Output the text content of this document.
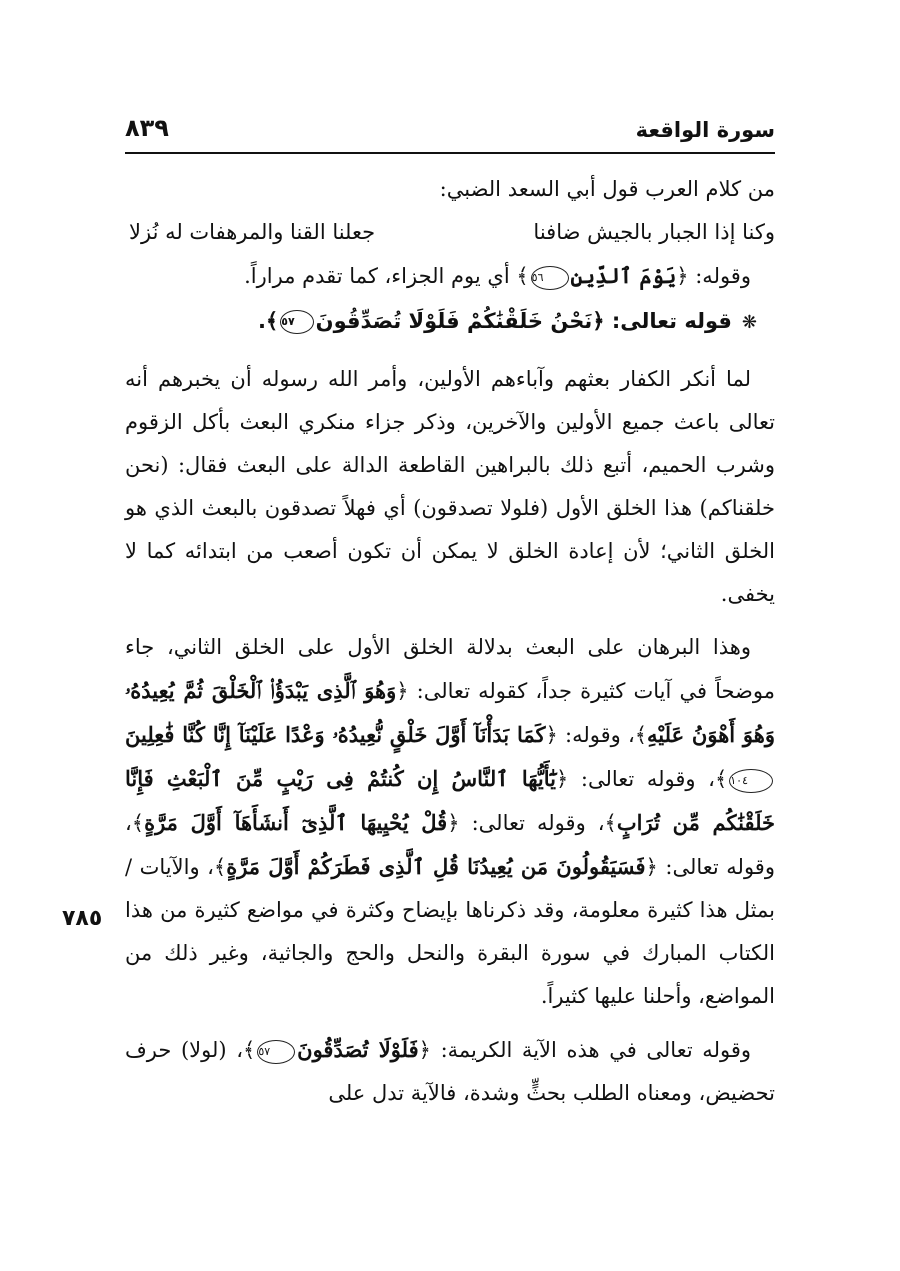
سورة الواقعة
٨٣٩
٧٨٥

من كلام العرب قول أبي السعد الضبي:

وكنا إذا الجبار بالجيش ضافنا
جعلنا القنا والمرهفات له نُزلا

وقوله: ﴿يَوْمَ ٱلدِّينِ٥٦﴾ أي يوم الجزاء، كما تقدم مراراً.

❋قوله تعالى: ﴿نَحْنُ خَلَقْنَٰكُمْ فَلَوْلَا تُصَدِّقُونَ٥٧﴾.

لما أنكر الكفار بعثهم وآباءهم الأولين، وأمر الله رسوله أن يخبرهم أنه تعالى باعث جميع الأولين والآخرين، وذكر جزاء منكري البعث بأكل الزقوم وشرب الحميم، أتبع ذلك بالبراهين القاطعة الدالة على البعث فقال: (نحن خلقناكم) هذا الخلق الأول (فلولا تصدقون) أي فهلاً تصدقون بالبعث الذي هو الخلق الثاني؛ لأن إعادة الخلق لا يمكن أن تكون أصعب من ابتدائه كما لا يخفى.

وهذا البرهان على البعث بدلالة الخلق الأول على الخلق الثاني، جاء موضحاً في آيات كثيرة جداً، كقوله تعالى: ﴿وَهُوَ ٱلَّذِى يَبْدَؤُا۟ ٱلْخَلْقَ ثُمَّ يُعِيدُهُۥ وَهُوَ أَهْوَنُ عَلَيْهِ﴾، وقوله: ﴿كَمَا بَدَأْنَآ أَوَّلَ خَلْقٍ نُّعِيدُهُۥ وَعْدًا عَلَيْنَآ إِنَّا كُنَّا فَٰعِلِينَ١٠٤﴾، وقوله تعالى: ﴿يَٰٓأَيُّهَا ٱلنَّاسُ إِن كُنتُمْ فِى رَيْبٍ مِّنَ ٱلْبَعْثِ فَإِنَّا خَلَقْنَٰكُم مِّن تُرَابٍ﴾، وقوله تعالى: ﴿قُلْ يُحْيِيهَا ٱلَّذِىٓ أَنشَأَهَآ أَوَّلَ مَرَّةٍ﴾، وقوله تعالى: ﴿فَسَيَقُولُونَ مَن يُعِيدُنَا قُلِ ٱلَّذِى فَطَرَكُمْ أَوَّلَ مَرَّةٍ﴾، والآيات /بمثل هذا كثيرة معلومة، وقد ذكرناها بإيضاح وكثرة في مواضع كثيرة من هذا الكتاب المبارك في سورة البقرة والنحل والحج والجاثية، وغير ذلك من المواضع، وأحلنا عليها كثيراً.

وقوله تعالى في هذه الآية الكريمة: ﴿فَلَوْلَا تُصَدِّقُونَ٥٧﴾، (لولا) حرف تحضيض، ومعناه الطلب بحثٍّ وشدة، فالآية تدل على
